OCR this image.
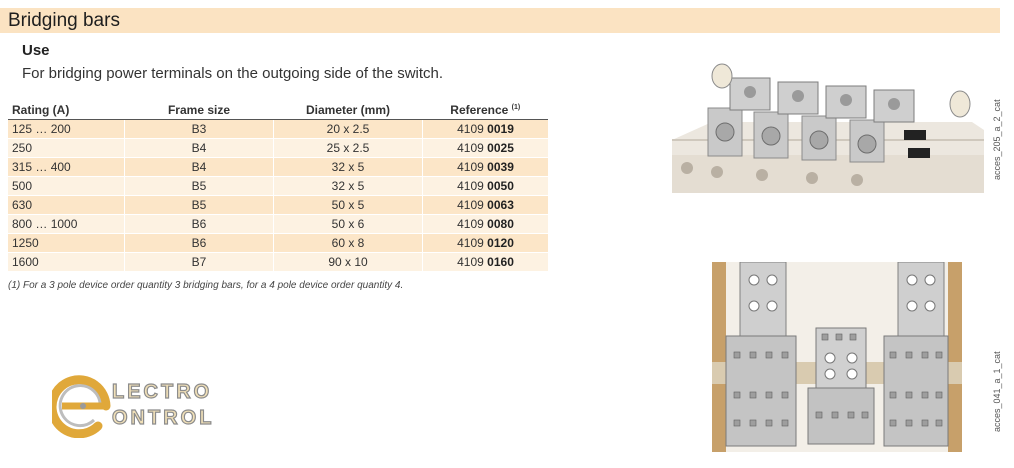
Bridging bars
Use
For bridging power terminals on the outgoing side of the switch.
Rating (A)	Frame size	Diameter (mm)	Reference $^{(1)}$
125 … 200	B3	20 x 2.5	4109 0019
250	B4	25 x 2.5	4109 0025
315 … 400	B4	32 x 5	4109 0039
500	B5	32 x 5	4109 0050
630	B5	50 x 5	4109 0063
800 … 1000	B6	50 x 6	4109 0080
1250	B6	60 x 8	4109 0120
1600	B7	90 x 10	4109 0160
(1) For a 3 pole device order quantity 3 bridging bars, for a 4 pole device order quantity 4.
LECTRO
ONTROL
acces_205_a_2_cat
acces_041_a_1_cat
